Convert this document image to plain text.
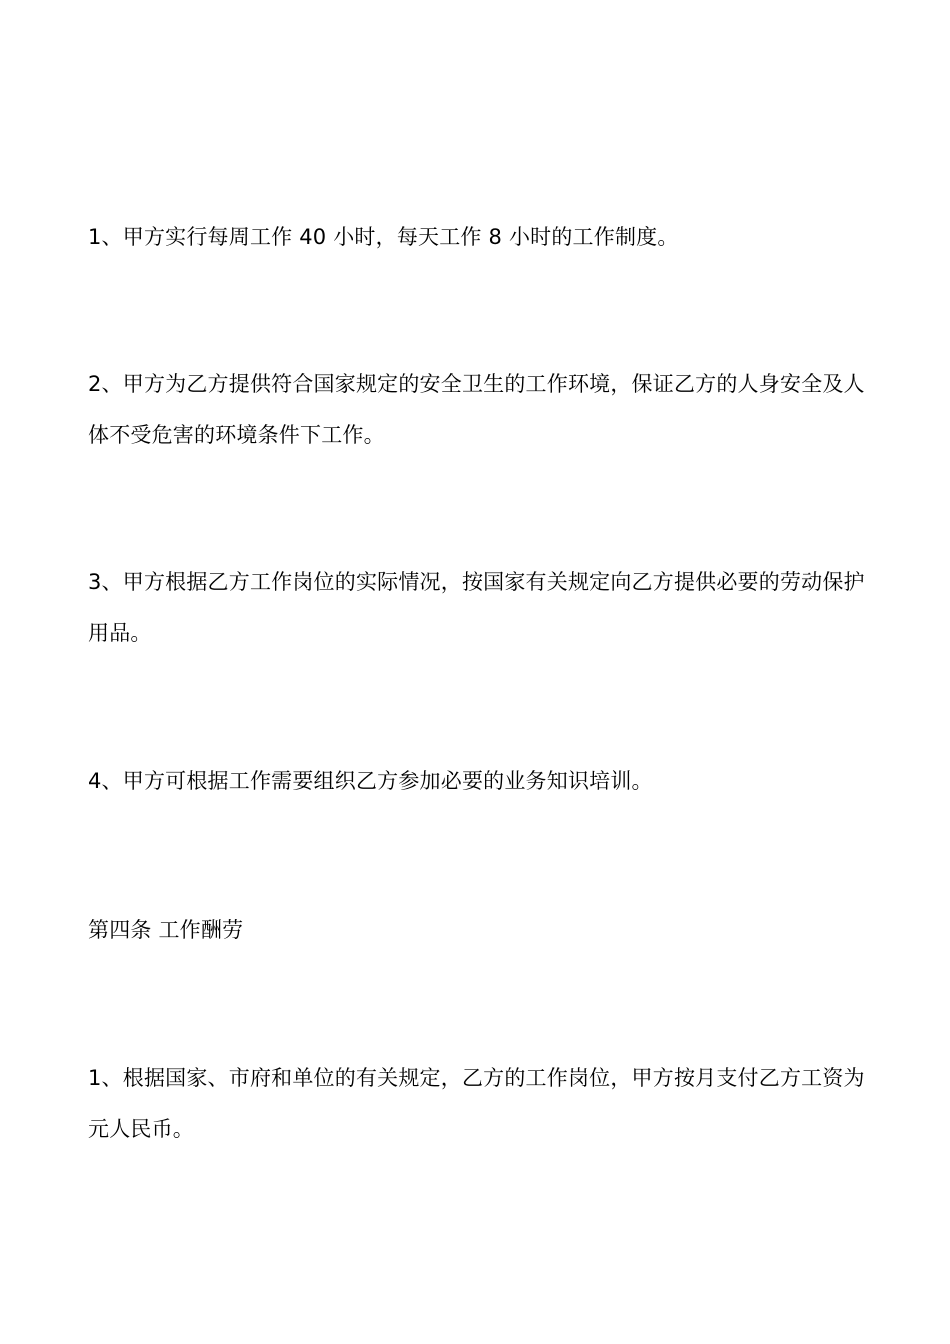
1、甲方实行每周工作 40 小时，每天工作 8 小时的工作制度。

2、甲方为乙方提供符合国家规定的安全卫生的工作环境，保证乙方的人身安全及人体不受危害的环境条件下工作。

3、甲方根据乙方工作岗位的实际情况，按国家有关规定向乙方提供必要的劳动保护用品。

4、甲方可根据工作需要组织乙方参加必要的业务知识培训。

第四条 工作酬劳

1、根据国家、市府和单位的有关规定，乙方的工作岗位，甲方按月支付乙方工资为元人民币。
